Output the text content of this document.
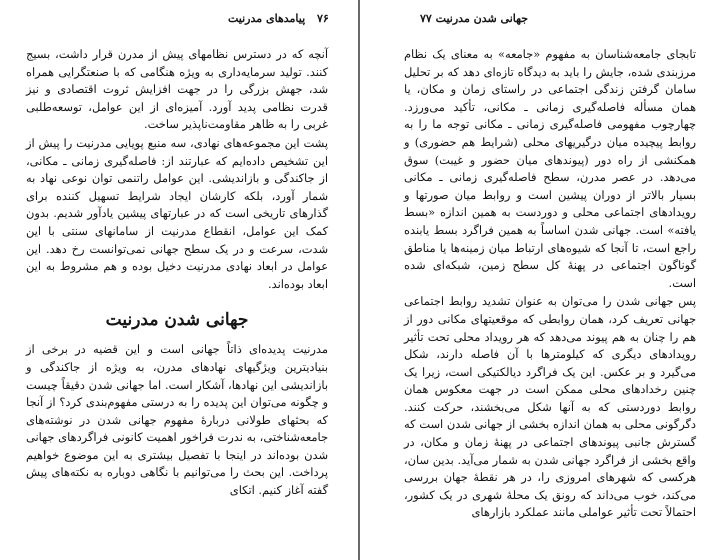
۷۶ پیامدهای مدرنیت

آنچه که در دسترس نظامهای پیش از مدرن قرار داشت، بسیج کنند. تولید سرمایه‌داری به ویژه هنگامی که با صنعتگرایی همراه شد، جهش بزرگی را در جهت افزایش ثروت اقتصادی و نیز قدرت نظامی پدید آورد. آمیزه‌ای از این عوامل، توسعه‌طلبی غربی را به ظاهر مقاومت‌ناپذیر ساخت.

پشت این مجموعه‌های نهادی، سه منبع پویایی مدرنیت را پیش از این تشخیص داده‌ایم که عبارتند از: فاصله‌گیری زمانی ـ مکانی، از جاکندگی و بازاندیشی. این عوامل راتنمی توان نوعی نهاد به شمار آورد، بلکه کارشان ایجاد شرایط تسهیل کننده برای گذارهای تاریخی است که در عبارتهای پیشین یادآور شدیم. بدون کمک این عوامل، انقطاع مدرنیت از سامانهای سنتی با این شدت، سرعت و در یک سطح جهانی نمی‌توانست رخ دهد. این عوامل در ابعاد نهادی مدرنیت دخیل بوده و هم مشروط به این ابعاد بوده‌اند.

جهانی شدن مدرنیت

مدرنیت پدیده‌ای ذاتاً جهانی است و این قضیه در برخی از بنیادیترین ویژگیهای نهادهای مدرن، به ویژه از جاکندگی و بازاندیشی این نهادها، آشکار است. اما جهانی شدن دقیقاً چیست و چگونه می‌توان این پدیده را به درستی مفهوم‌بندی کرد؟ از آنجا که بحثهای طولانی دربارهٔ مفهوم جهانی شدن در نوشته‌های جامعه‌شناختی، به ندرت فراخور اهمیت کانونی فراگردهای جهانی شدن بوده‌اند در اینجا با تفصیل بیشتری به این موضوع خواهیم پرداخت. این بحث را می‌توانیم با نگاهی دوباره به نکته‌های پیش گفته آغاز کنیم. اتکای

جهانی شدن مدرنیت ۷۷

تابجای جامعه‌شناسان به مفهوم «جامعه» به معنای یک نظام مرزبندی شده، جایش را باید به دیدگاه تازه‌ای دهد که بر تحلیل سامان گرفتن زندگی اجتماعی در راستای زمان و مکان، یا همان مسأله فاصله‌گیری زمانی ـ مکانی، تأکید می‌ورزد. چهارچوب مفهومی فاصله‌گیری زمانی ـ مکانی توجه ما را به روابط پیچیده میان درگیریهای محلی (شرایط هم حضوری) و همکنشی از راه دور (پیوندهای میان حضور و غیبت) سوق می‌دهد. در عصر مدرن، سطح فاصله‌گیری زمانی ـ مکانی بسیار بالاتر از دوران پیشین است و روابط میان صورتها و رویدادهای اجتماعی محلی و دوردست به همین اندازه «بسط یافته» است. جهانی شدن اساساً به همین فراگرد بسط یابنده راجع است، تا آنجا که شیوه‌های ارتباط میان زمینه‌ها یا مناطق گوناگون اجتماعی در پهنهٔ کل سطح زمین، شبکه‌ای شده است.

پس جهانی شدن را می‌توان به عنوان تشدید روابط اجتماعی جهانی تعریف کرد، همان روابطی که موقعیتهای مکانی دور از هم را چنان به هم پیوند می‌دهد که هر رویداد محلی تحت تأثیر رویدادهای دیگری که کیلومترها با آن فاصله دارند، شکل می‌گیرد و بر عکس. این یک فراگرد دیالکتیکی است، زیرا یک چنین رخدادهای محلی ممکن است در جهت معکوس همان روابط دوردستی که به آنها شکل می‌بخشند، حرکت کنند. دگرگونی محلی به همان اندازه بخشی از جهانی شدن است که گسترش جانبی پیوندهای اجتماعی در پهنهٔ زمان و مکان، در واقع بخشی از فراگرد جهانی شدن به شمار می‌آید. بدین سان، هرکسی که شهرهای امروزی را، در هر نقطهٔ جهان بررسی می‌کند، خوب می‌داند که رونق یک محلهٔ شهری در یک کشور، احتمالاً تحت تأثیر عواملی مانند عملکرد بازارهای
